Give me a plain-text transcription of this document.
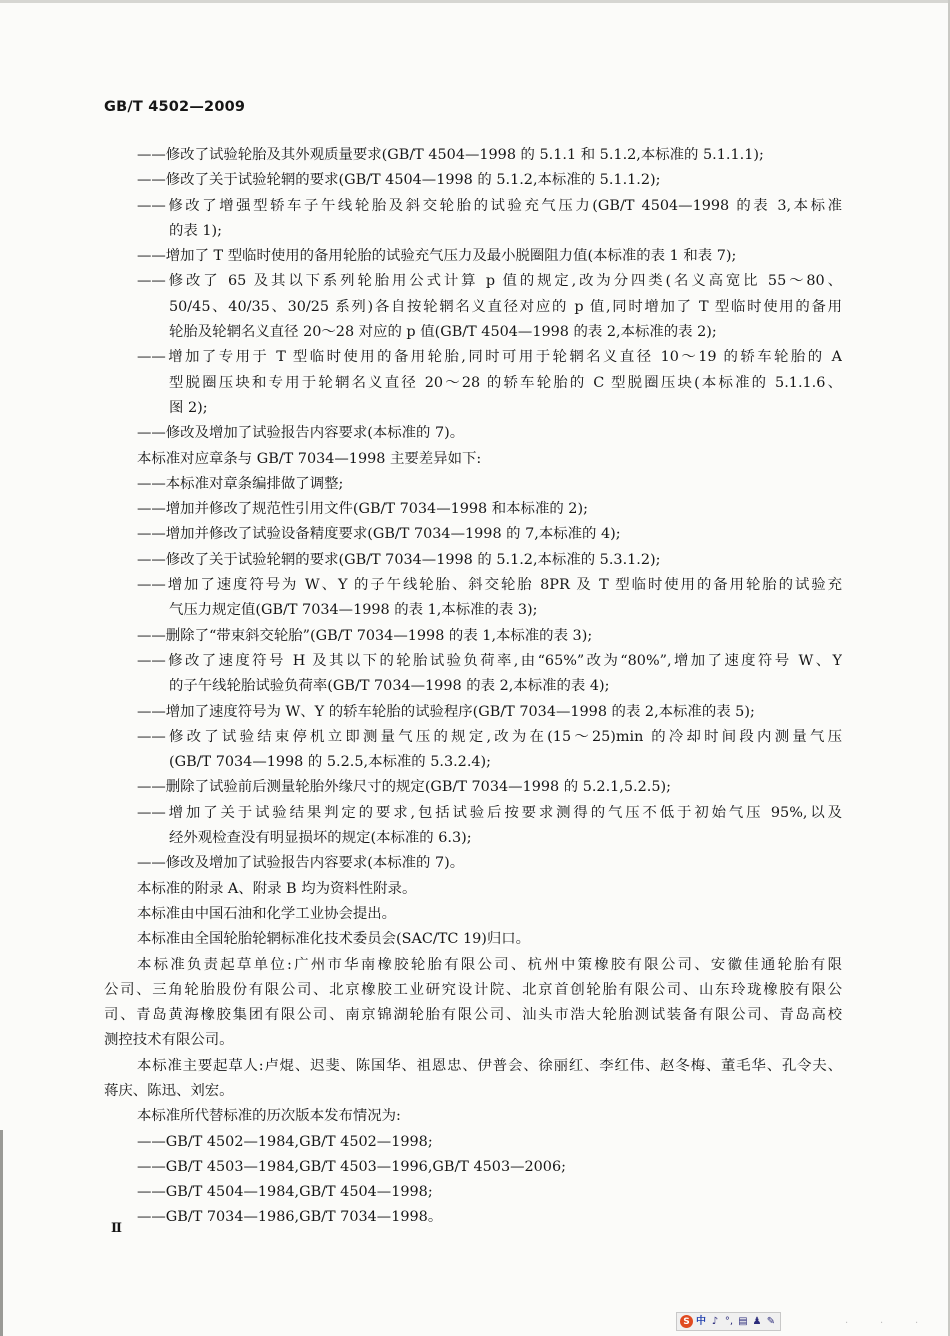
GB/T 4502—2009
——修改了试验轮胎及其外观质量要求(GB/T 4504—1998 的 5.1.1 和 5.1.2,本标准的 5.1.1.1);
——修改了关于试验轮辋的要求(GB/T 4504—1998 的 5.1.2,本标准的 5.1.1.2);
——修改了增强型轿车子午线轮胎及斜交轮胎的试验充气压力(GB/T 4504—1998 的表 3,本标准
的表 1);
——增加了 T 型临时使用的备用轮胎的试验充气压力及最小脱圈阻力值(本标准的表 1 和表 7);
——修改了 65 及其以下系列轮胎用公式计算 p 值的规定,改为分四类(名义高宽比 55～80、
50/45、40/35、30/25 系列)各自按轮辋名义直径对应的 p 值,同时增加了 T 型临时使用的备用
轮胎及轮辋名义直径 20～28 对应的 p 值(GB/T 4504—1998 的表 2,本标准的表 2);
——增加了专用于 T 型临时使用的备用轮胎,同时可用于轮辋名义直径 10～19 的轿车轮胎的 A
型脱圈压块和专用于轮辋名义直径 20～28 的轿车轮胎的 C 型脱圈压块(本标准的 5.1.1.6、
图 2);
——修改及增加了试验报告内容要求(本标准的 7)。
本标准对应章条与 GB/T 7034—1998 主要差异如下:
——本标准对章条编排做了调整;
——增加并修改了规范性引用文件(GB/T 7034—1998 和本标准的 2);
——增加并修改了试验设备精度要求(GB/T 7034—1998 的 7,本标准的 4);
——修改了关于试验轮辋的要求(GB/T 7034—1998 的 5.1.2,本标准的 5.3.1.2);
——增加了速度符号为 W、Y 的子午线轮胎、斜交轮胎 8PR 及 T 型临时使用的备用轮胎的试验充
气压力规定值(GB/T 7034—1998 的表 1,本标准的表 3);
——删除了“带束斜交轮胎”(GB/T 7034—1998 的表 1,本标准的表 3);
——修改了速度符号 H 及其以下的轮胎试验负荷率,由“65%”改为“80%”,增加了速度符号 W、Y
的子午线轮胎试验负荷率(GB/T 7034—1998 的表 2,本标准的表 4);
——增加了速度符号为 W、Y 的轿车轮胎的试验程序(GB/T 7034—1998 的表 2,本标准的表 5);
——修改了试验结束停机立即测量气压的规定,改为在(15～25)min 的冷却时间段内测量气压
(GB/T 7034—1998 的 5.2.5,本标准的 5.3.2.4);
——删除了试验前后测量轮胎外缘尺寸的规定(GB/T 7034—1998 的 5.2.1,5.2.5);
——增加了关于试验结果判定的要求,包括试验后按要求测得的气压不低于初始气压 95%,以及
经外观检查没有明显损坏的规定(本标准的 6.3);
——修改及增加了试验报告内容要求(本标准的 7)。
本标准的附录 A、附录 B 均为资料性附录。
本标准由中国石油和化学工业协会提出。
本标准由全国轮胎轮辋标准化技术委员会(SAC/TC 19)归口。
本标准负责起草单位:广州市华南橡胶轮胎有限公司、杭州中策橡胶有限公司、安徽佳通轮胎有限
公司、三角轮胎股份有限公司、北京橡胶工业研究设计院、北京首创轮胎有限公司、山东玲珑橡胶有限公
司、青岛黄海橡胶集团有限公司、南京锦湖轮胎有限公司、汕头市浩大轮胎测试装备有限公司、青岛高校
测控技术有限公司。
本标准主要起草人:卢焜、迟斐、陈国华、祖恩忠、伊普会、徐丽红、李红伟、赵冬梅、董毛华、孔令夫、
蒋庆、陈迅、刘宏。
本标准所代替标准的历次版本发布情况为:
——GB/T 4502—1984,GB/T 4502—1998;
——GB/T 4503—1984,GB/T 4503—1996,GB/T 4503—2006;
——GB/T 4504—1984,GB/T 4504—1998;
——GB/T 7034—1986,GB/T 7034—1998。
Ⅱ
S 中 ♪ °, ▤ ♟ ✎	·	·	·
